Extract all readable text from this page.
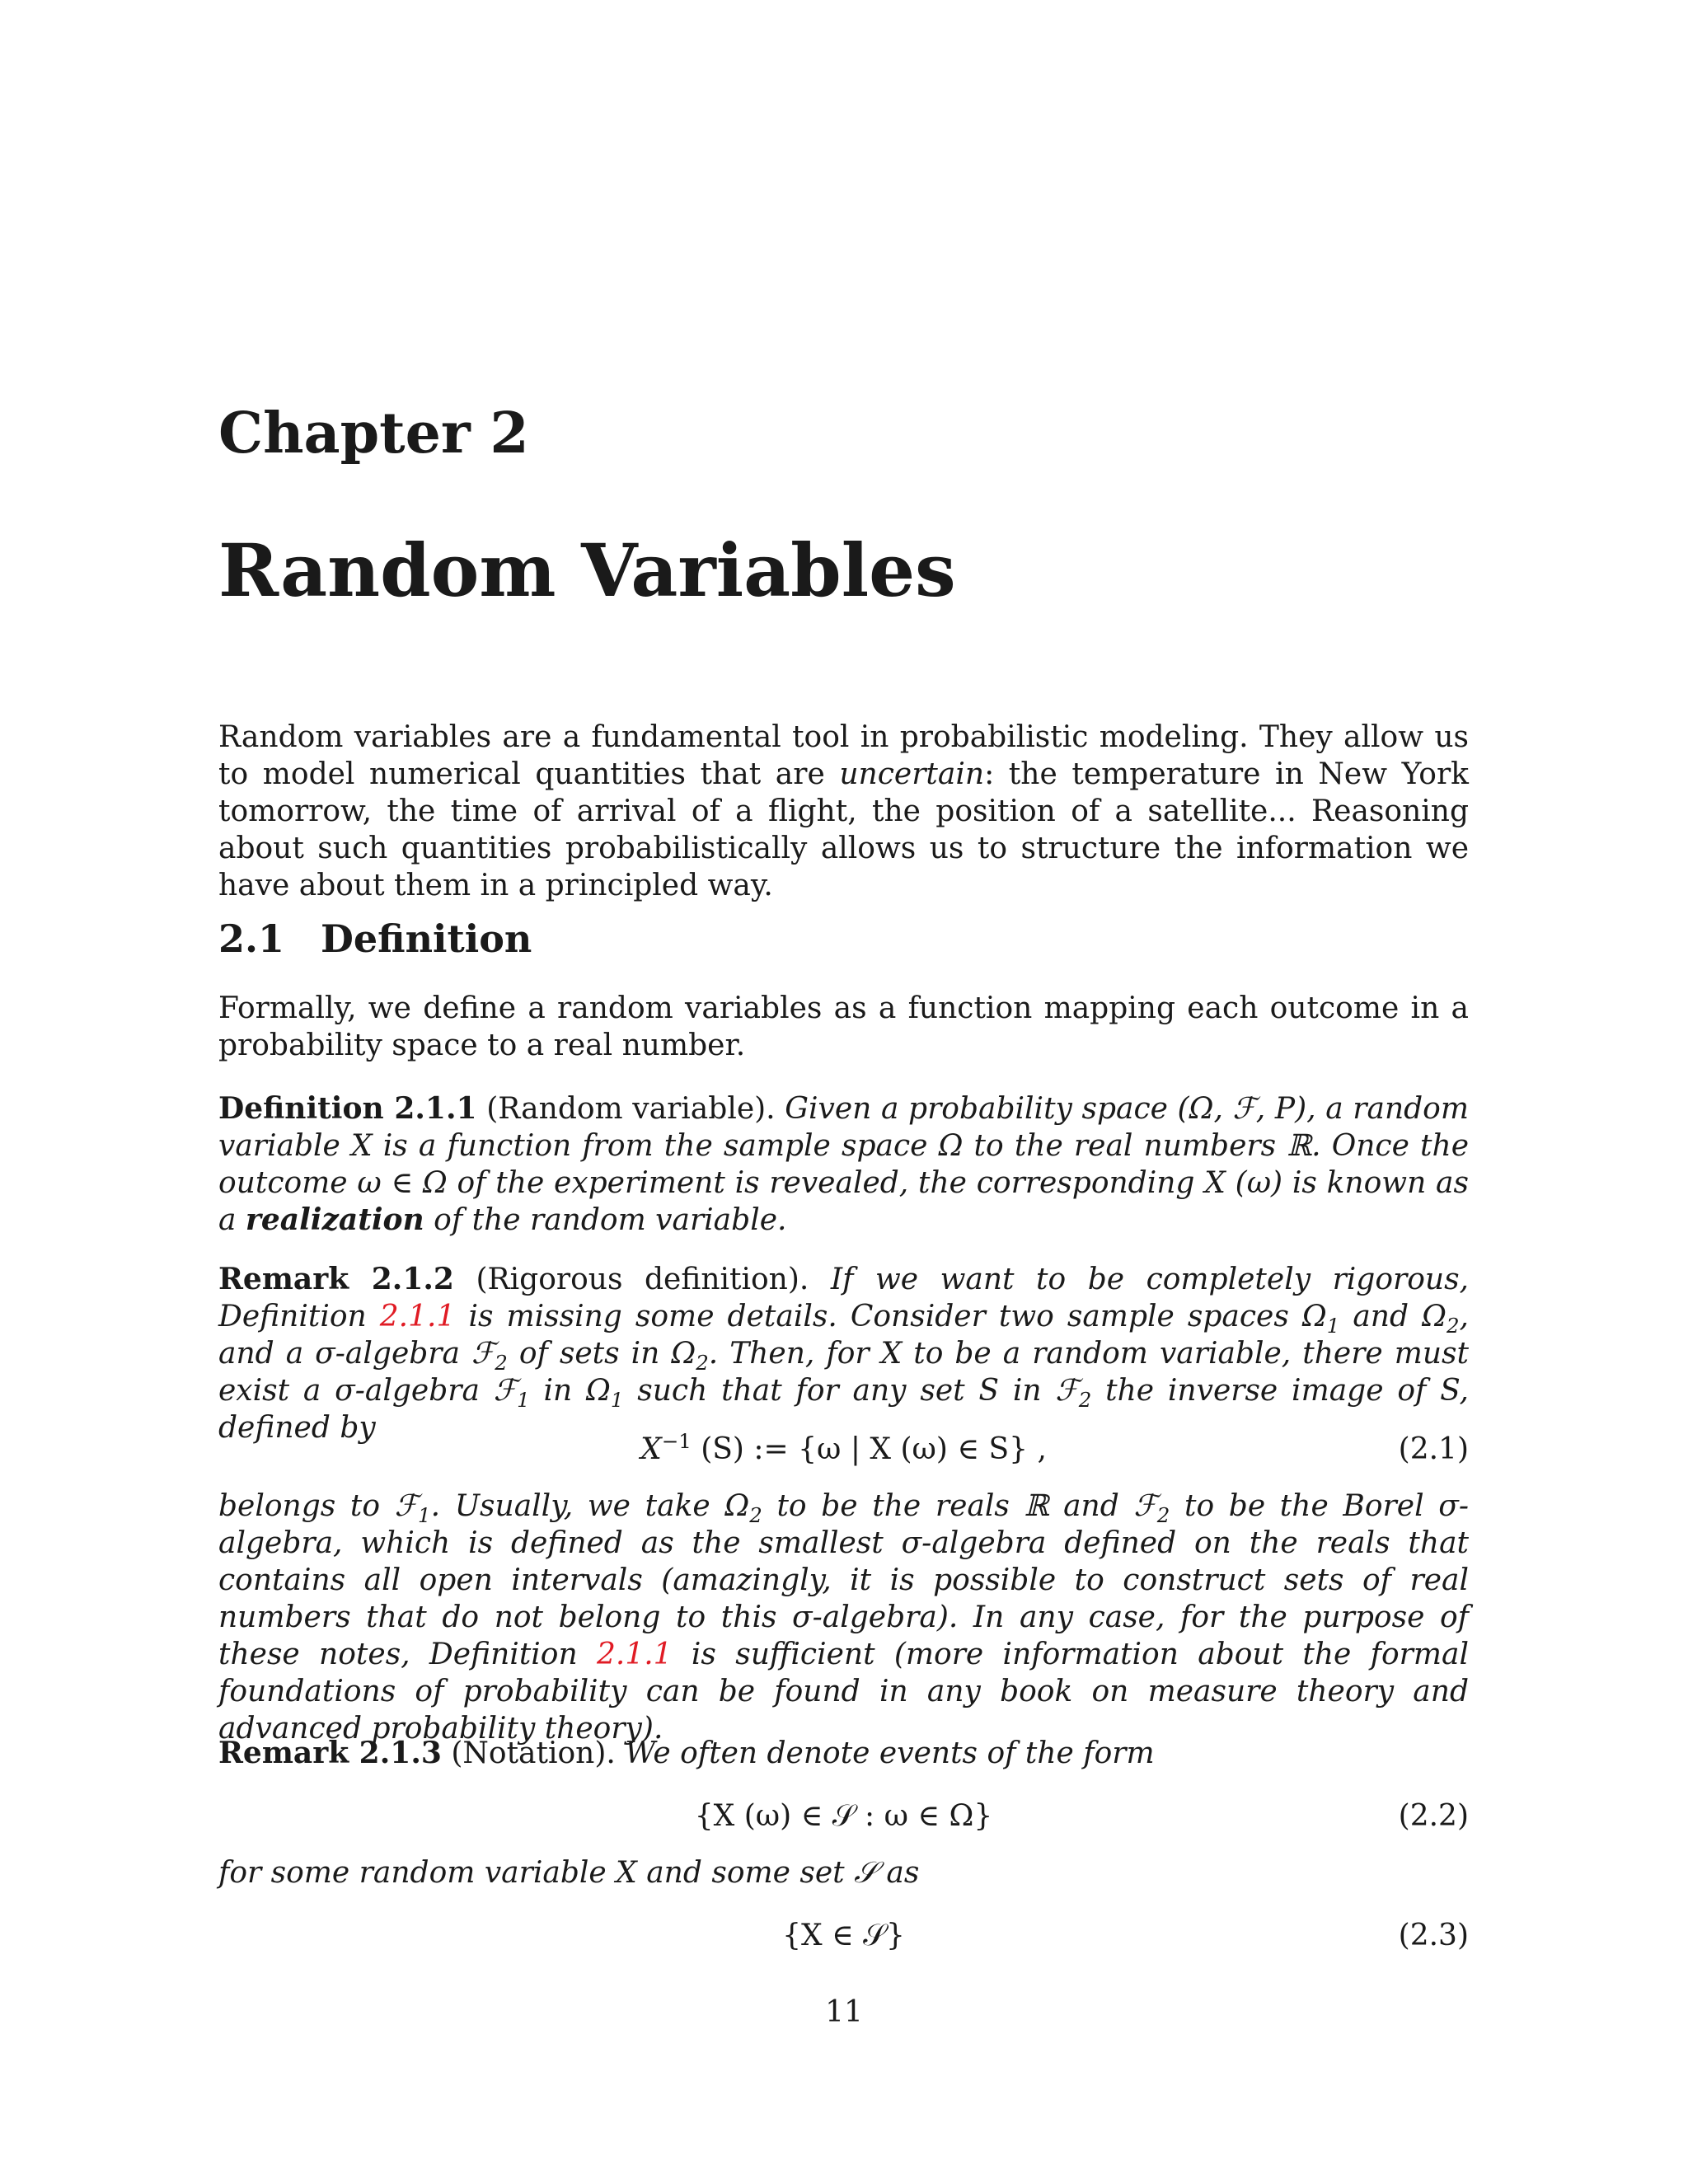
Chapter 2
Random Variables

Random variables are a fundamental tool in probabilistic modeling. They allow us to model numerical quantities that are uncertain: the temperature in New York tomorrow, the time of arrival of a flight, the position of a satellite... Reasoning about such quantities probabilistically allows us to structure the information we have about them in a principled way.

2.1 Definition

Formally, we define a random variables as a function mapping each outcome in a probability space to a real number.

Definition 2.1.1 (Random variable). Given a probability space (Ω, ℱ, P), a random variable X is a function from the sample space Ω to the real numbers ℝ. Once the outcome ω ∈ Ω of the experiment is revealed, the corresponding X (ω) is known as a realization of the random variable.

Remark 2.1.2 (Rigorous definition). If we want to be completely rigorous, Definition 2.1.1 is missing some details. Consider two sample spaces $\Omega_1$ and $\Omega_2$, and a σ-algebra ℱ$_2$ of sets in $\Omega_2$. Then, for X to be a random variable, there must exist a σ-algebra ℱ$_1$ in $\Omega_1$ such that for any set S in ℱ$_2$ the inverse image of S, defined by

$X^{-1}$ (S) := {ω | X (ω) ∈ S} ,	(2.1)

belongs to ℱ$_1$. Usually, we take $\Omega_2$ to be the reals ℝ and ℱ$_2$ to be the Borel σ-algebra, which is defined as the smallest σ-algebra defined on the reals that contains all open intervals (amazingly, it is possible to construct sets of real numbers that do not belong to this σ-algebra). In any case, for the purpose of these notes, Definition 2.1.1 is sufficient (more information about the formal foundations of probability can be found in any book on measure theory and advanced probability theory).

Remark 2.1.3 (Notation). We often denote events of the form

{X (ω) ∈ 𝒮 : ω ∈ Ω}	(2.2)

for some random variable X and some set 𝒮 as

{X ∈ 𝒮}	(2.3)
11
